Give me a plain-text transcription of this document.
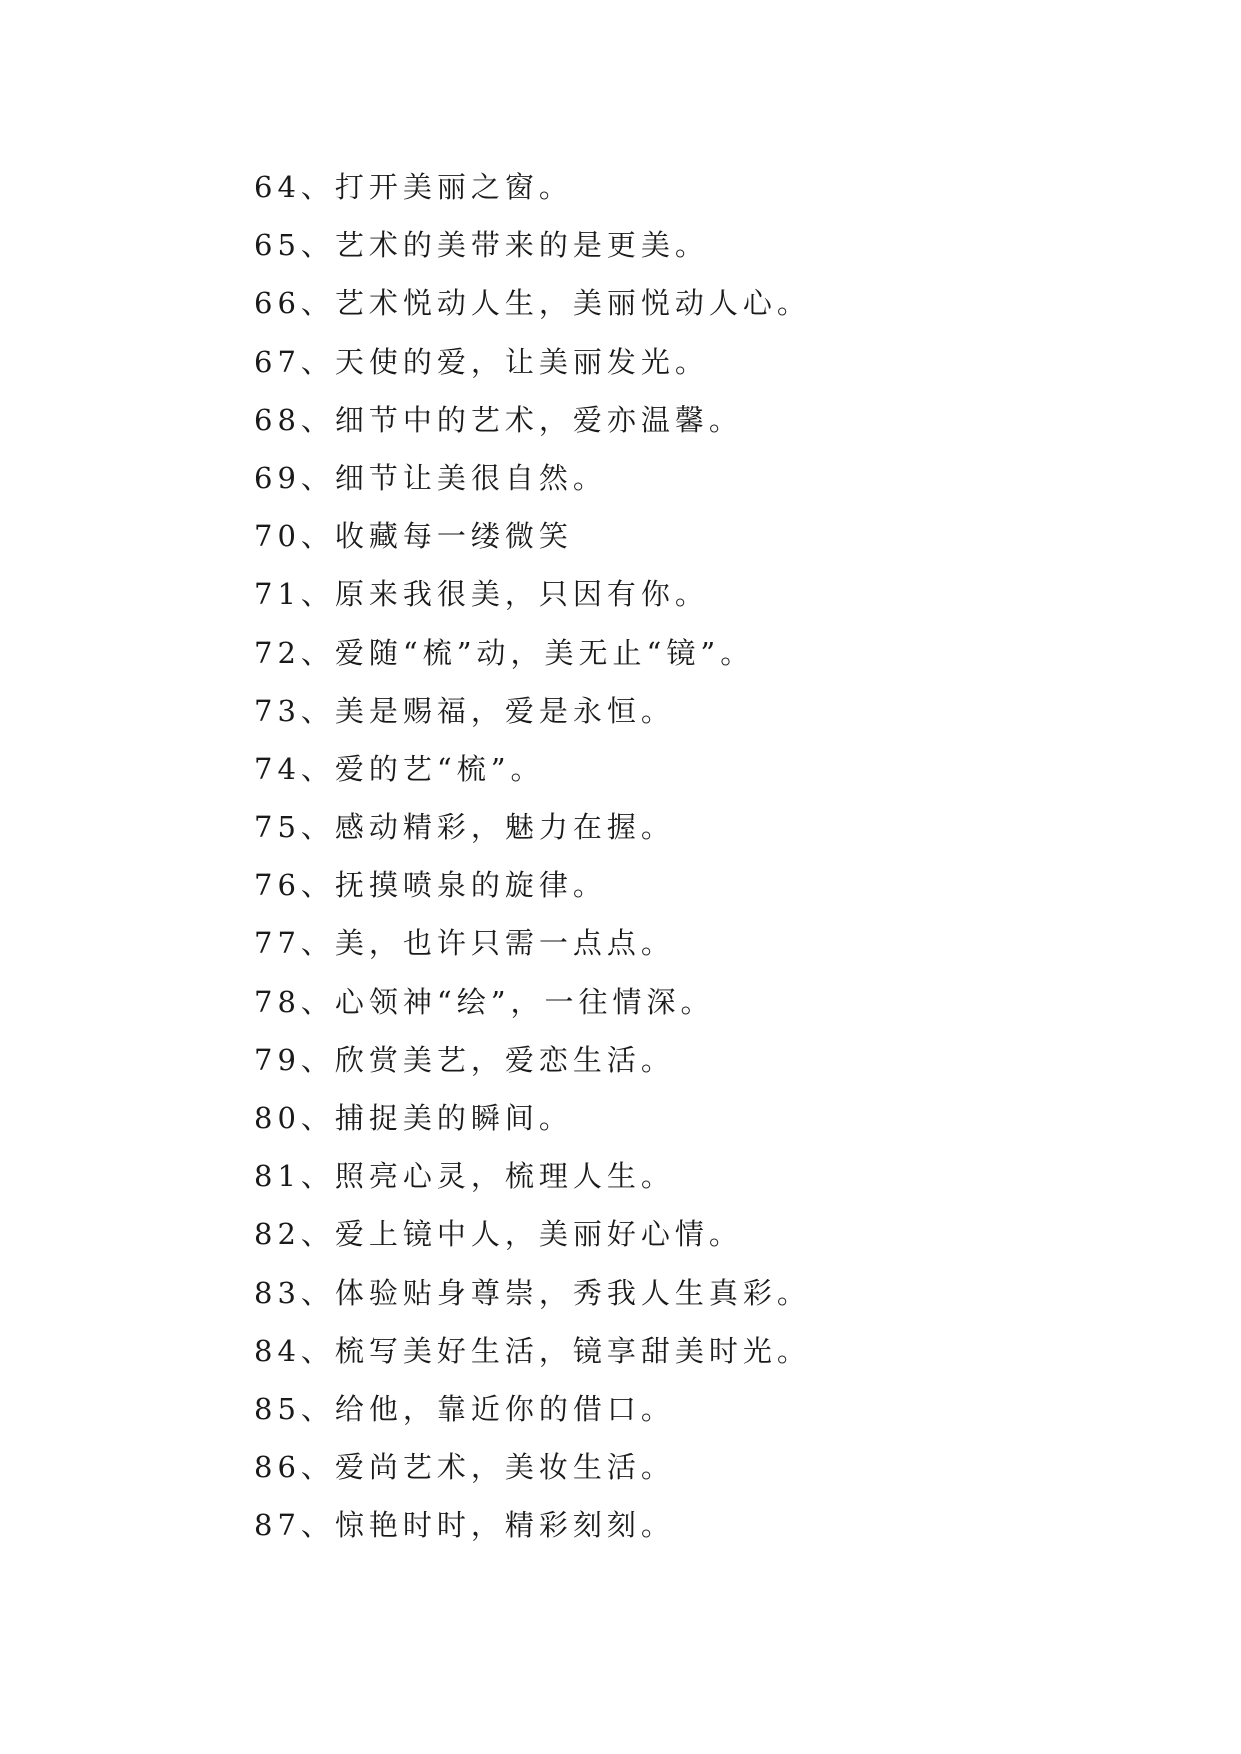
64、打开美丽之窗。
65、艺术的美带来的是更美。
66、艺术悦动人生，美丽悦动人心。
67、天使的爱，让美丽发光。
68、细节中的艺术，爱亦温馨。
69、细节让美很自然。
70、收藏每一缕微笑
71、原来我很美，只因有你。
72、爱随“梳”动，美无止“镜”。
73、美是赐福，爱是永恒。
74、爱的艺“梳”。
75、感动精彩，魅力在握。
76、抚摸喷泉的旋律。
77、美，也许只需一点点。
78、心领神“绘”，一往情深。
79、欣赏美艺，爱恋生活。
80、捕捉美的瞬间。
81、照亮心灵，梳理人生。
82、爱上镜中人，美丽好心情。
83、体验贴身尊崇，秀我人生真彩。
84、梳写美好生活，镜享甜美时光。
85、给他，靠近你的借口。
86、爱尚艺术，美妆生活。
87、惊艳时时，精彩刻刻。
